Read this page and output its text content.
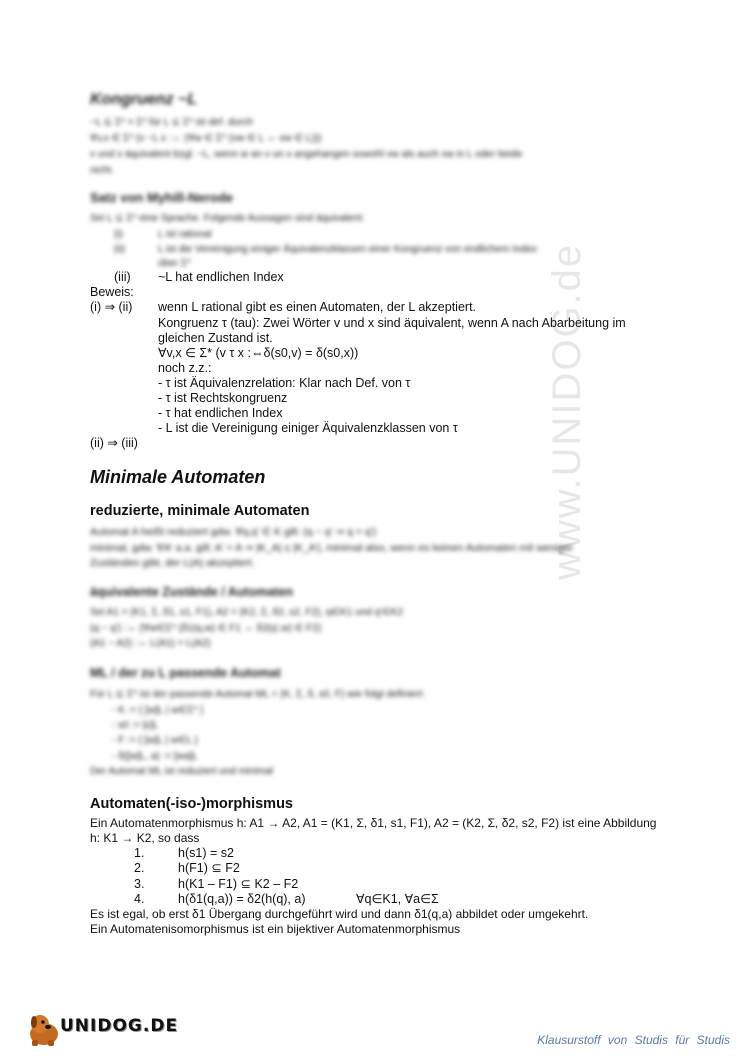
www.UNIDOG.de
Kongruenz ~L
~L ⊆ Σ* × Σ* für L ⊆ Σ* ist def. durch
∀v,x ∈ Σ* (v ~L x :⇔ (∀w ∈ Σ* (vw ∈ L ⇔ xw ∈ L)))
v und x äquivalent bzgl. ~L, wenn w an v un x angehangen sowohl vw als auch xw in L oder beide
nicht.
Satz von Myhill-Nerode
Sei L ⊆ Σ* eine Sprache. Folgende Aussagen sind äquivalent:
(i)	L ist rational
(ii)	L ist die Vereinigung einiger Äquivalenzklassen einer Kongruenz von endlichem Index
über Σ*
(iii) ~L hat endlichen Index
Beweis:
(i) ⇒ (ii) wenn L rational gibt es einen Automaten, der L akzeptiert.
Kongruenz τ (tau): Zwei Wörter v und x sind äquivalent, wenn A nach Abarbeitung im
gleichen Zustand ist.
∀v,x ∈ Σ* (v τ x :⇔δ(s0,v) = δ(s0,x))
noch z.z.:
- τ ist Äquivalenzrelation: Klar nach Def. von τ
- τ ist Rechtskongruenz
- τ hat endlichen Index
- L ist die Vereinigung einiger Äquivalenzklassen von τ
(ii) ⇒ (iii)
Minimale Automaten
reduzierte, minimale Automaten
Automat A heißt reduziert gdw. ∀q,q' ∈ K gilt: (q ~ q' ⇒ q = q')
minimal, gdw. ∀A' a.a. gilt: A' = A ⇒ |K_A| ≤ |K_A'|, minimal also, wenn es keinen Automaten mit weniger
Zuständen gibt, der L(A) akzeptiert.
äquivalente Zustände / Automaten
Sei A1 = (K1, Σ, δ1, s1, F1), A2 = (K2, Σ, δ2, s2, F2), q∈K1 und q'∈K2
(q ~ q') :⇔ (∀w∈Σ* (δ1(q,w) ∈ F1 ⇔ δ2(q',w) ∈ F2)
(A1 ~ A2) :⇔ L(A1) = L(A2)
ML / der zu L passende Automat
Für L ⊆ Σ* ist der passende Automat ML = (K, Σ, δ, s0, F) wie folgt definiert:
- K := { [w]L | w∈Σ* }
- s0 := [ε]L
- F := { [w]L | w∈L }
- δ([w]L, a) := [wa]L
Der Automat ML ist reduziert und minimal
Automaten(-iso-)morphismus
Ein Automatenmorphismus h: A1 → A2, A1 = (K1, Σ, δ1, s1, F1), A2 = (K2, Σ, δ2, s2, F2) ist eine Abbildung
h: K1 → K2, so dass
1.	h(s1) = s2
2.	h(F1) ⊆ F2
3.	h(K1 – F1) ⊆ K2 – F2
4.	h(δ1(q,a)) = δ2(h(q), a)	∀q∈K1, ∀a∈Σ
Es ist egal, ob erst δ1 Übergang durchgeführt wird und dann δ1(q,a) abbildet oder umgekehrt.
Ein Automatenisomorphismus ist ein bijektiver Automatenmorphismus
UNIDOG.DE
Klausurstoff von Studis für Studis
